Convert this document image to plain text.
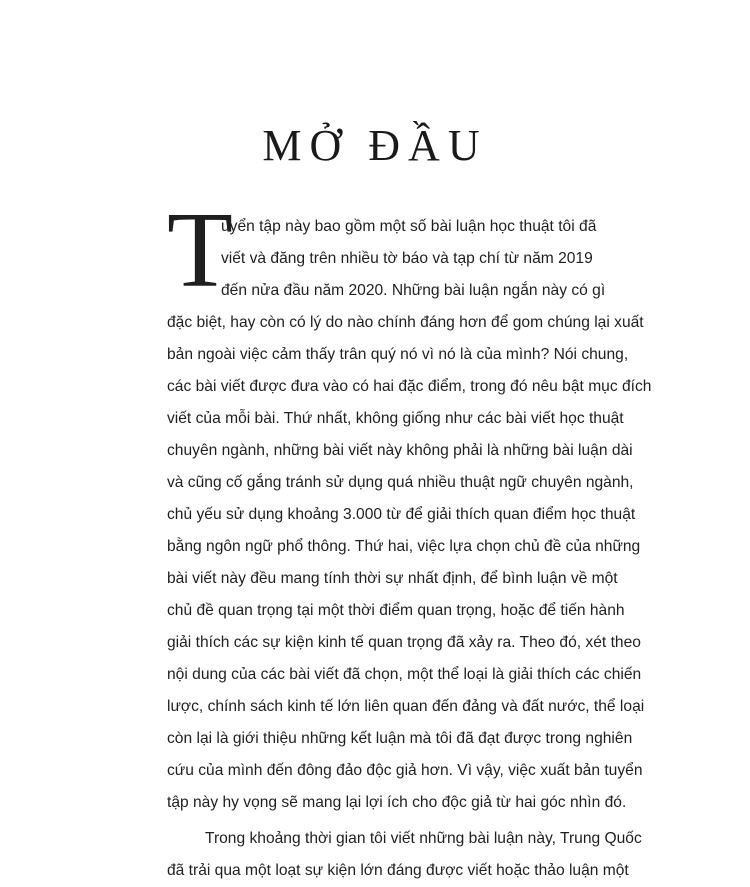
MỞ ĐẦU
T
uyển tập này bao gồm một số bài luận học thuật tôi đã
viết và đăng trên nhiều tờ báo và tạp chí từ năm 2019
đến nửa đầu năm 2020. Những bài luận ngắn này có gì
đặc biệt, hay còn có lý do nào chính đáng hơn để gom chúng lại xuất
bản ngoài việc cảm thấy trân quý nó vì nó là của mình? Nói chung,
các bài viết được đưa vào có hai đặc điểm, trong đó nêu bật mục đích
viết của mỗi bài. Thứ nhất, không giống như các bài viết học thuật
chuyên ngành, những bài viết này không phải là những bài luận dài
và cũng cố gắng tránh sử dụng quá nhiều thuật ngữ chuyên ngành,
chủ yếu sử dụng khoảng 3.000 từ để giải thích quan điểm học thuật
bằng ngôn ngữ phổ thông. Thứ hai, việc lựa chọn chủ đề của những
bài viết này đều mang tính thời sự nhất định, để bình luận về một
chủ đề quan trọng tại một thời điểm quan trọng, hoặc để tiến hành
giải thích các sự kiện kinh tế quan trọng đã xảy ra. Theo đó, xét theo
nội dung của các bài viết đã chọn, một thể loại là giải thích các chiến
lược, chính sách kinh tế lớn liên quan đến đảng và đất nước, thể loại
còn lại là giới thiệu những kết luận mà tôi đã đạt được trong nghiên
cứu của mình đến đông đảo độc giả hơn. Vì vậy, việc xuất bản tuyển
tập này hy vọng sẽ mang lại lợi ích cho độc giả từ hai góc nhìn đó.
Trong khoảng thời gian tôi viết những bài luận này, Trung Quốc
đã trải qua một loạt sự kiện lớn đáng được viết hoặc thảo luận một
